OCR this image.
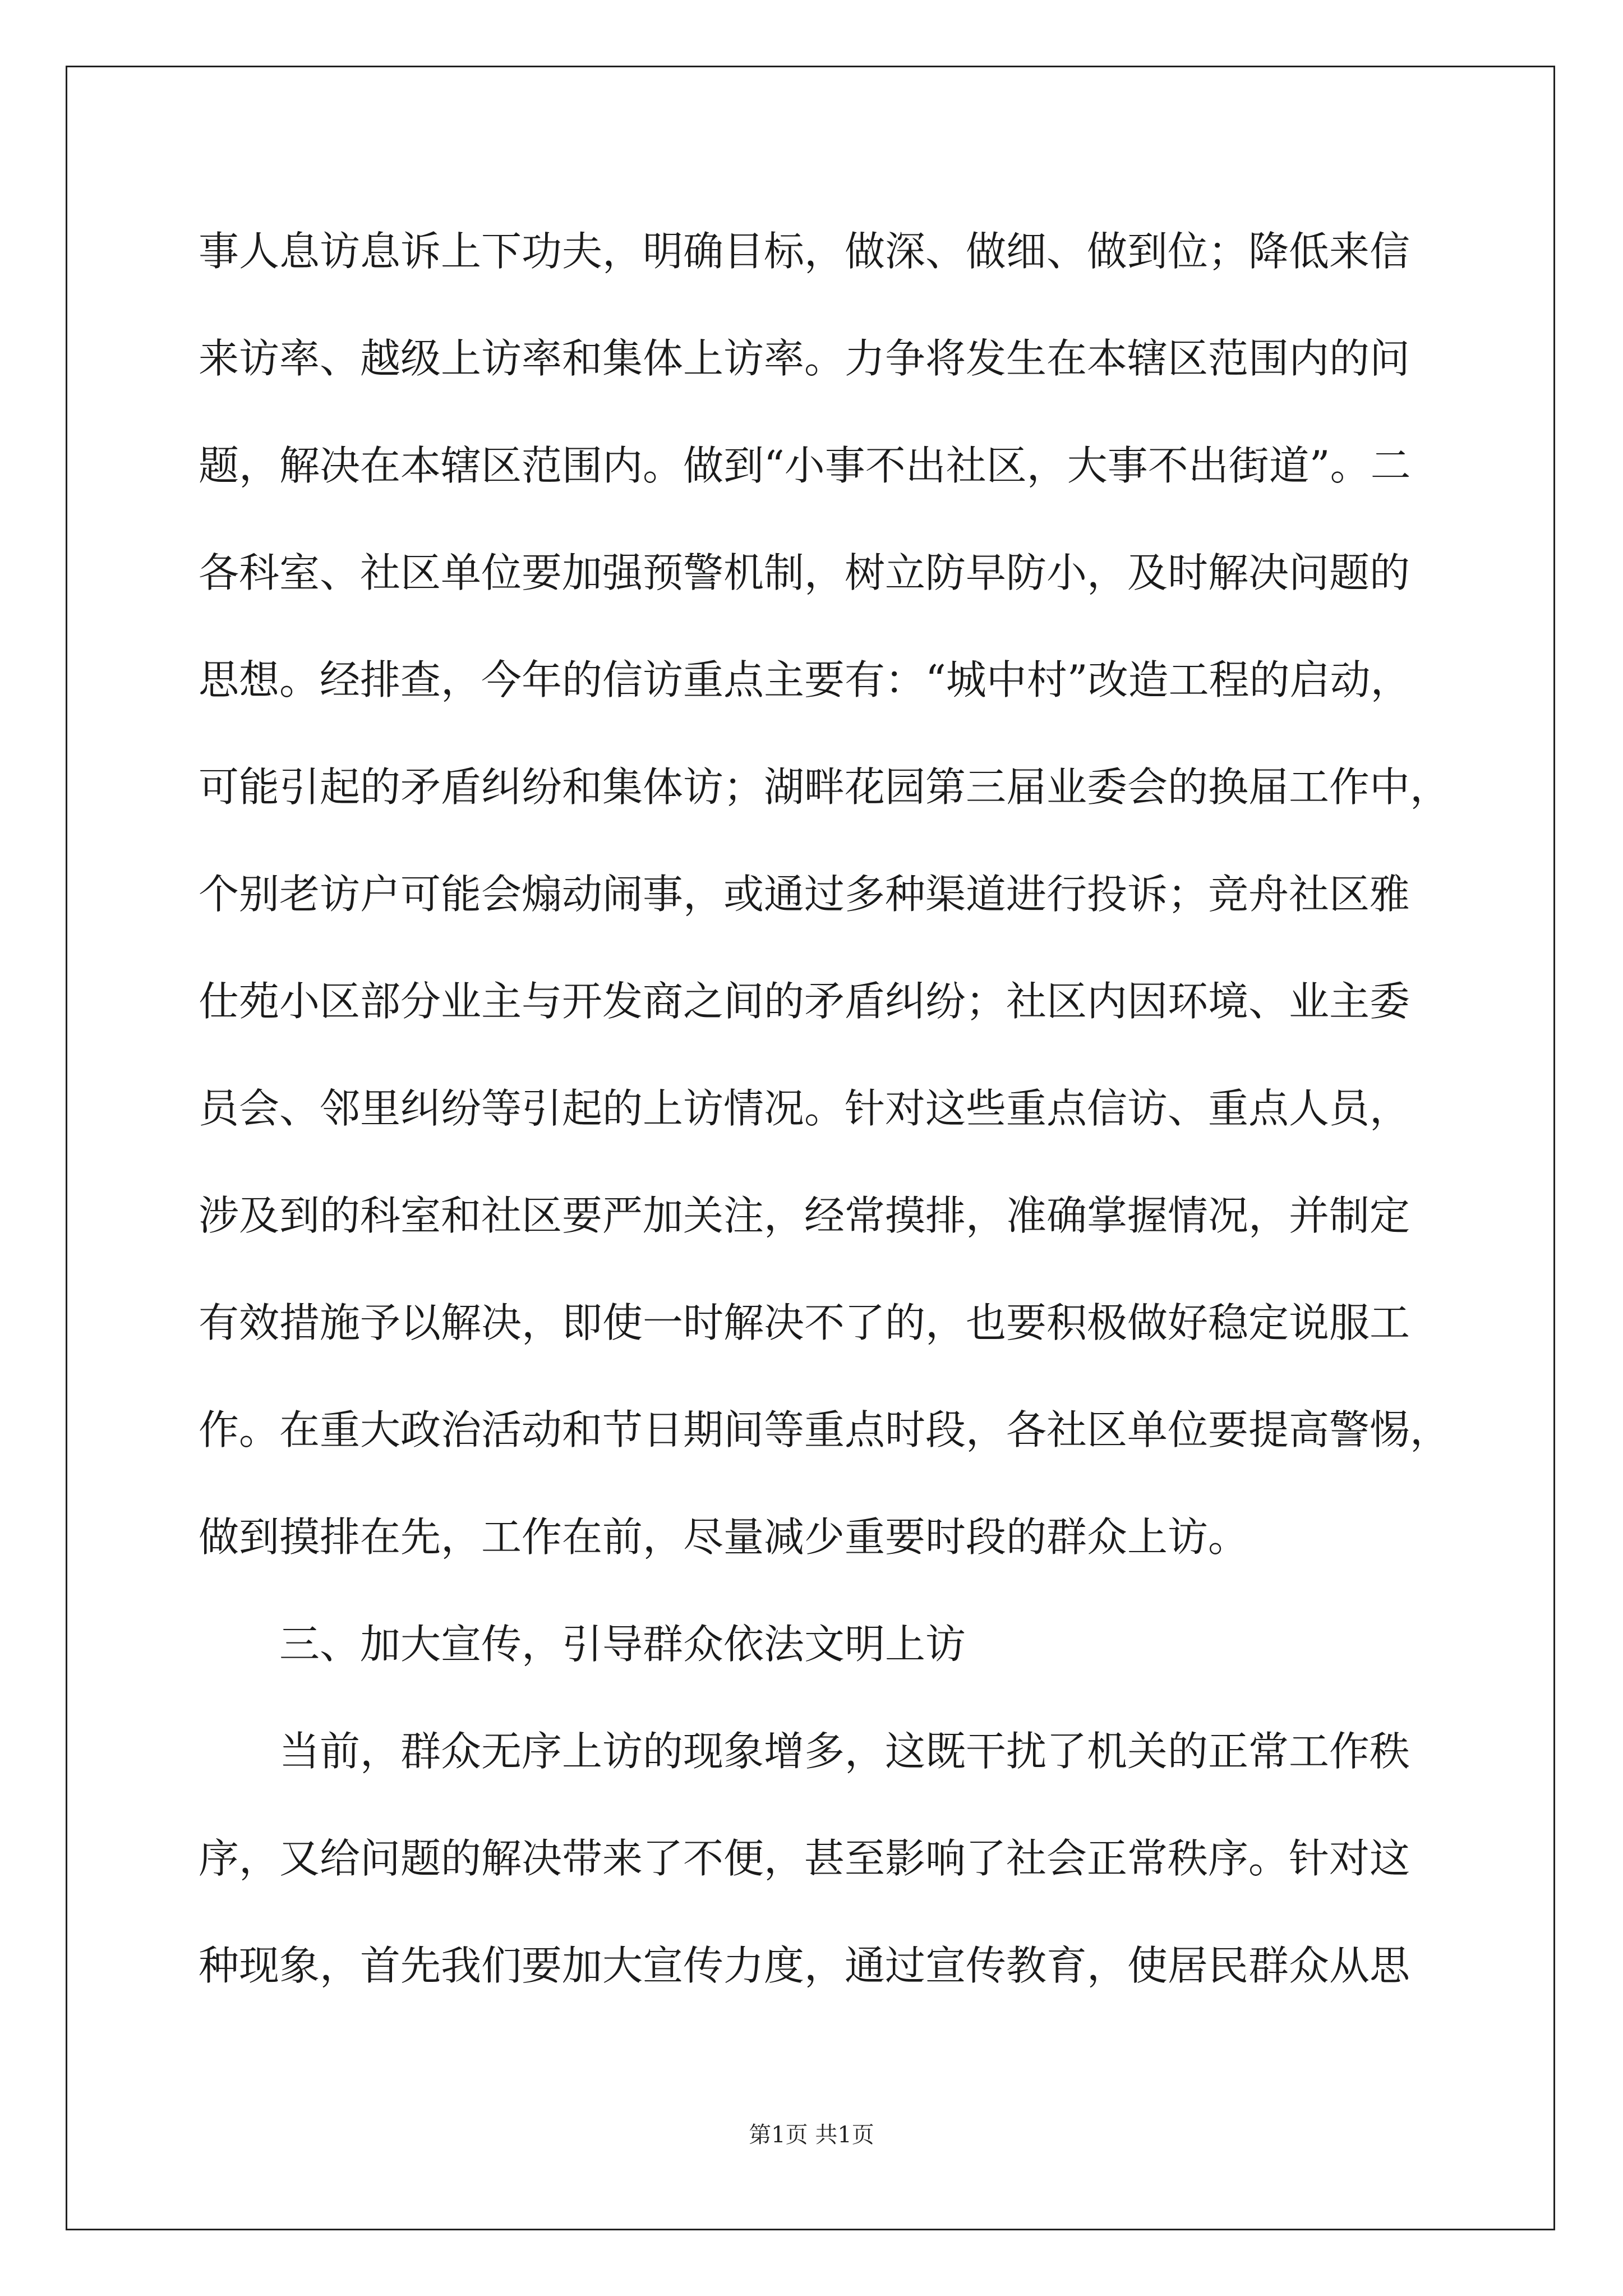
事人息访息诉上下功夫，明确目标，做深、做细、做到位；降低来信
来访率、越级上访率和集体上访率。力争将发生在本辖区范围内的问
题，解决在本辖区范围内。做到“小事不出社区，大事不出街道”。二
各科室、社区单位要加强预警机制，树立防早防小，及时解决问题的
思想。经排查，今年的信访重点主要有：“城中村”改造工程的启动，
可能引起的矛盾纠纷和集体访；湖畔花园第三届业委会的换届工作中，
个别老访户可能会煽动闹事，或通过多种渠道进行投诉；竞舟社区雅
仕苑小区部分业主与开发商之间的矛盾纠纷；社区内因环境、业主委
员会、邻里纠纷等引起的上访情况。针对这些重点信访、重点人员，
涉及到的科室和社区要严加关注，经常摸排，准确掌握情况，并制定
有效措施予以解决，即使一时解决不了的，也要积极做好稳定说服工
作。在重大政治活动和节日期间等重点时段，各社区单位要提高警惕，
做到摸排在先，工作在前，尽量减少重要时段的群众上访。
三、加大宣传，引导群众依法文明上访
当前，群众无序上访的现象增多，这既干扰了机关的正常工作秩
序，又给问题的解决带来了不便，甚至影响了社会正常秩序。针对这
种现象，首先我们要加大宣传力度，通过宣传教育，使居民群众从思
第1页 共1页
